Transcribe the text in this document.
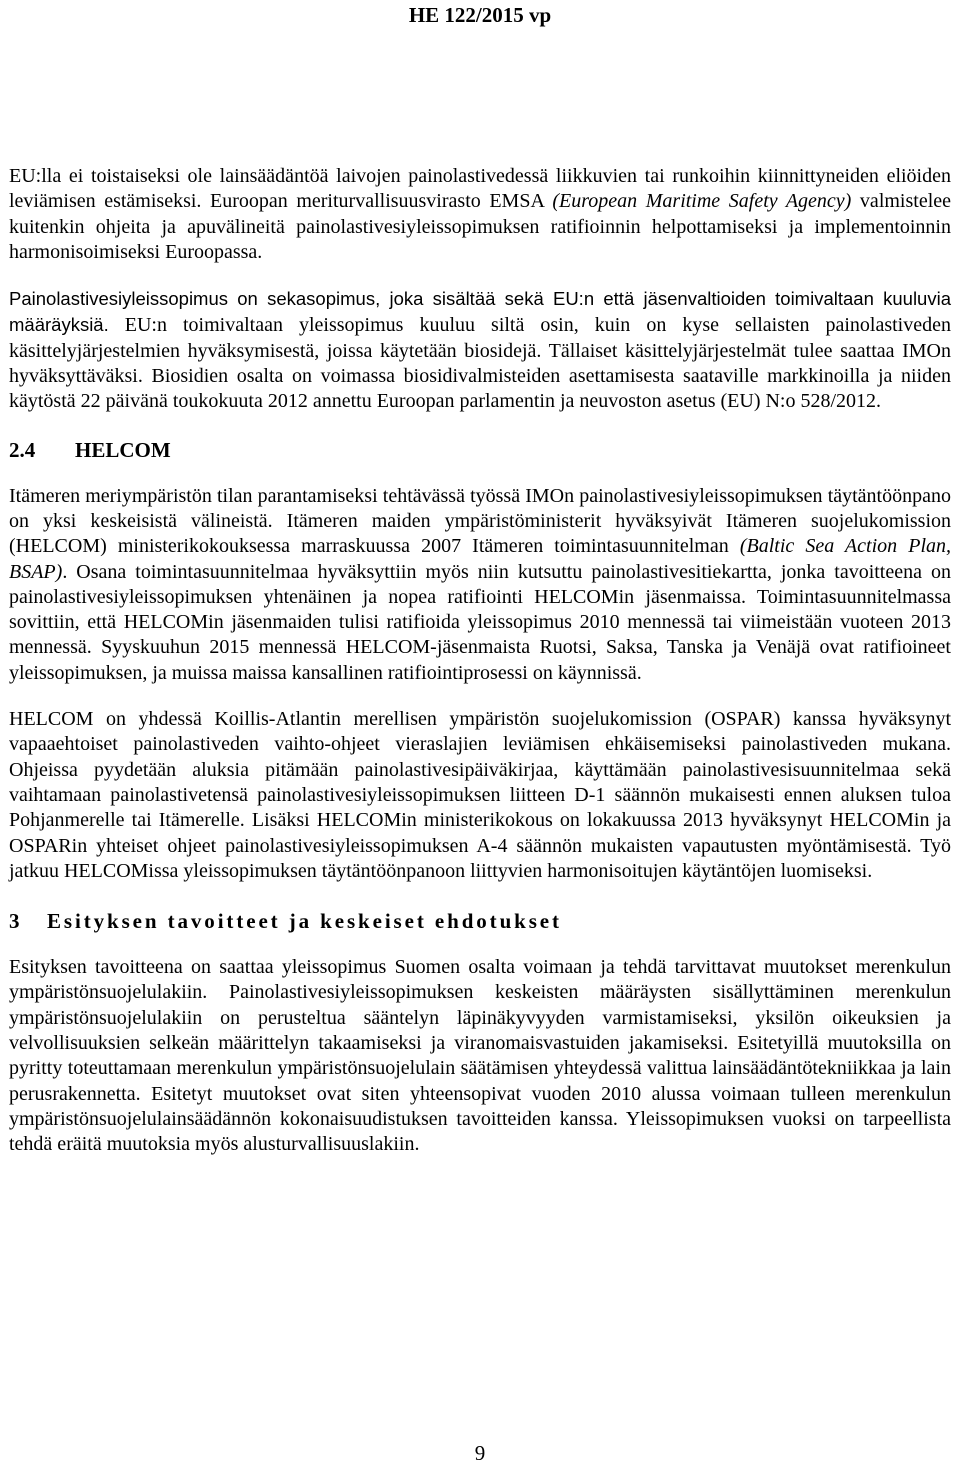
HE 122/2015 vp

EU:lla ei toistaiseksi ole lainsäädäntöä laivojen painolastivedessä liikkuvien tai runkoihin kiinnittyneiden eliöiden leviämisen estämiseksi. Euroopan meriturvallisuusvirasto EMSA (European Maritime Safety Agency) valmistelee kuitenkin ohjeita ja apuvälineitä painolastivesiyleissopimuksen ratifioinnin helpottamiseksi ja implementoinnin harmonisoimiseksi Euroopassa.

Painolastivesiyleissopimus on sekasopimus, joka sisältää sekä EU:n että jäsenvaltioiden toimivaltaan kuuluvia määräyksiä. EU:n toimivaltaan yleissopimus kuuluu siltä osin, kuin on kyse sellaisten painolastiveden käsittelyjärjestelmien hyväksymisestä, joissa käytetään biosidejä. Tällaiset käsittelyjärjestelmät tulee saattaa IMOn hyväksyttäväksi. Biosidien osalta on voimassa biosidivalmisteiden asettamisesta saataville markkinoilla ja niiden käytöstä 22 päivänä toukokuuta 2012 annettu Euroopan parlamentin ja neuvoston asetus (EU) N:o 528/2012.

2.4 HELCOM

Itämeren meriympäristön tilan parantamiseksi tehtävässä työssä IMOn painolastivesiyleissopimuksen täytäntöönpano on yksi keskeisistä välineistä. Itämeren maiden ympäristöministerit hyväksyivät Itämeren suojelukomission (HELCOM) ministerikokouksessa marraskuussa 2007 Itämeren toimintasuunnitelman (Baltic Sea Action Plan, BSAP). Osana toimintasuunnitelmaa hyväksyttiin myös niin kutsuttu painolastivesitiekartta, jonka tavoitteena on painolastivesiyleissopimuksen yhtenäinen ja nopea ratifiointi HELCOMin jäsenmaissa. Toimintasuunnitelmassa sovittiin, että HELCOMin jäsenmaiden tulisi ratifioida yleissopimus 2010 mennessä tai viimeistään vuoteen 2013 mennessä. Syyskuuhun 2015 mennessä HELCOM-jäsenmaista Ruotsi, Saksa, Tanska ja Venäjä ovat ratifioineet yleissopimuksen, ja muissa maissa kansallinen ratifiointiprosessi on käynnissä.

HELCOM on yhdessä Koillis-Atlantin merellisen ympäristön suojelukomission (OSPAR) kanssa hyväksynyt vapaaehtoiset painolastiveden vaihto-ohjeet vieraslajien leviämisen ehkäisemiseksi painolastiveden mukana. Ohjeissa pyydetään aluksia pitämään painolastivesipäiväkirjaa, käyttämään painolastivesisuunnitelmaa sekä vaihtamaan painolastivetensä painolastivesiyleissopimuksen liitteen D-1 säännön mukaisesti ennen aluksen tuloa Pohjanmerelle tai Itämerelle. Lisäksi HELCOMin ministerikokous on lokakuussa 2013 hyväksynyt HELCOMin ja OSPARin yhteiset ohjeet painolastivesiyleissopimuksen A-4 säännön mukaisten vapautusten myöntämisestä. Työ jatkuu HELCOMissa yleissopimuksen täytäntöönpanoon liittyvien harmonisoitujen käytäntöjen luomiseksi.

3 Esityksen tavoitteet ja keskeiset ehdotukset

Esityksen tavoitteena on saattaa yleissopimus Suomen osalta voimaan ja tehdä tarvittavat muutokset merenkulun ympäristönsuojelulakiin. Painolastivesiyleissopimuksen keskeisten määräysten sisällyttäminen merenkulun ympäristönsuojelulakiin on perusteltua sääntelyn läpinäkyvyyden varmistamiseksi, yksilön oikeuksien ja velvollisuuksien selkeän määrittelyn takaamiseksi ja viranomaisvastuiden jakamiseksi. Esitetyillä muutoksilla on pyritty toteuttamaan merenkulun ympäristönsuojelulain säätämisen yhteydessä valittua lainsäädäntötekniikkaa ja lain perusrakennetta. Esitetyt muutokset ovat siten yhteensopivat vuoden 2010 alussa voimaan tulleen merenkulun ympäristönsuojelulainsäädännön kokonaisuudistuksen tavoitteiden kanssa. Yleissopimuksen vuoksi on tarpeellista tehdä eräitä muutoksia myös alusturvallisuuslakiin.

9
